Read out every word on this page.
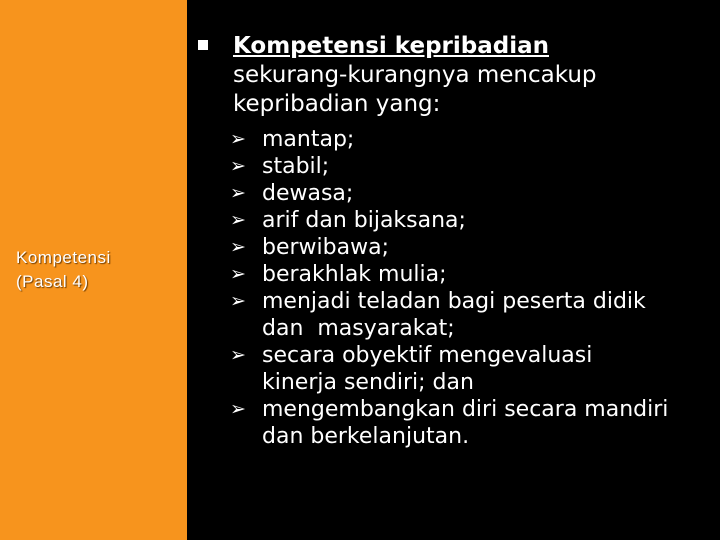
Kompetensi
(Pasal 4)
Kompetensi kepribadian
sekurang-kurangnya mencakup
kepribadian yang:
➢ mantap;
➢ stabil;
➢ dewasa;
➢ arif dan bijaksana;
➢ berwibawa;
➢ berakhlak mulia;
➢ menjadi teladan bagi peserta didik
dan  masyarakat;
➢ secara obyektif mengevaluasi
kinerja sendiri; dan
➢ mengembangkan diri secara mandiri
dan berkelanjutan.
